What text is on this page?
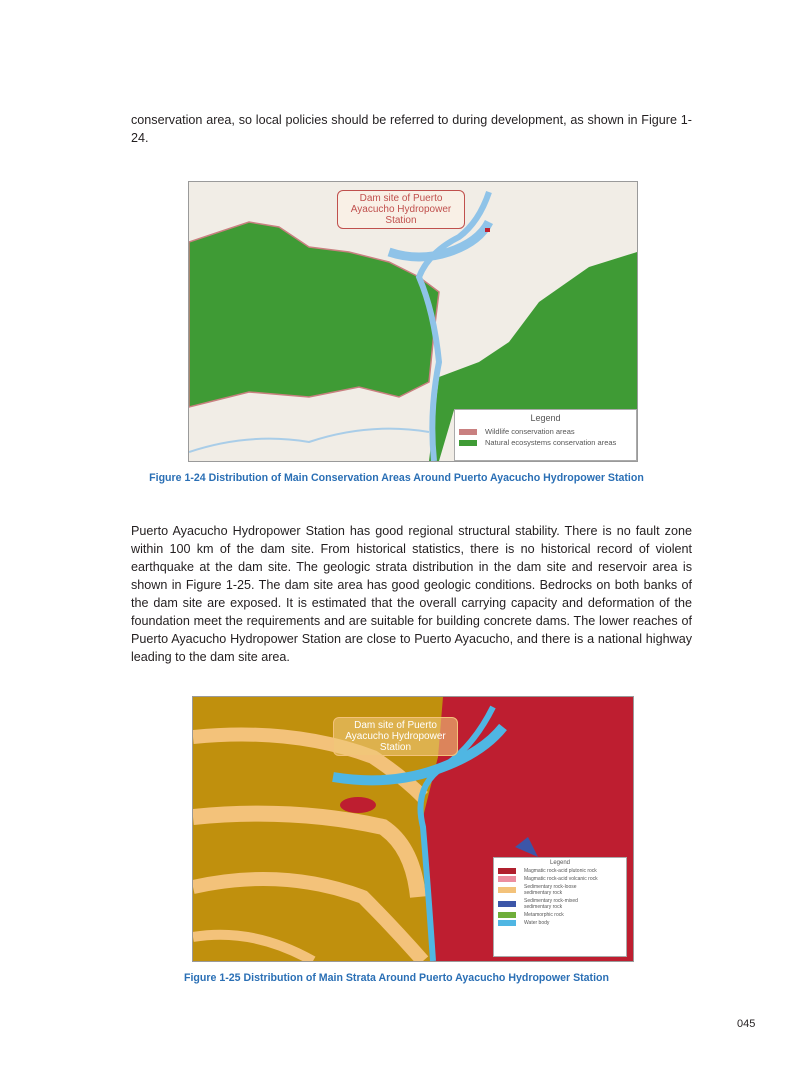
conservation area, so local policies should be referred to during development, as shown in Figure 1-24.

Dam site of Puerto Ayacucho Hydropower Station
Legend
Wildlife conservation areas
Natural ecosystems conservation areas
Figure 1-24 Distribution of Main Conservation Areas Around Puerto Ayacucho Hydropower Station

Puerto Ayacucho Hydropower Station has good regional structural stability. There is no fault zone within 100 km of the dam site. From historical statistics, there is no historical record of violent earthquake at the dam site. The geologic strata distribution in the dam site and reservoir area is shown in Figure 1-25. The dam site area has good geologic conditions. Bedrocks on both banks of the dam site are exposed. It is estimated that the overall carrying capacity and deformation of the foundation meet the requirements and are suitable for building concrete dams. The lower reaches of Puerto Ayacucho Hydropower Station are close to Puerto Ayacucho, and there is a national highway leading to the dam site area.

Dam site of Puerto Ayacucho Hydropower Station
Legend
Magmatic rock-acid plutonic rock
Magmatic rock-acid volcanic rock
Sedimentary rock-loose sedimentary rock
Sedimentary rock-mixed sedimentary rock
Metamorphic rock
Water body
Figure 1-25 Distribution of Main Strata Around Puerto Ayacucho Hydropower Station
045
